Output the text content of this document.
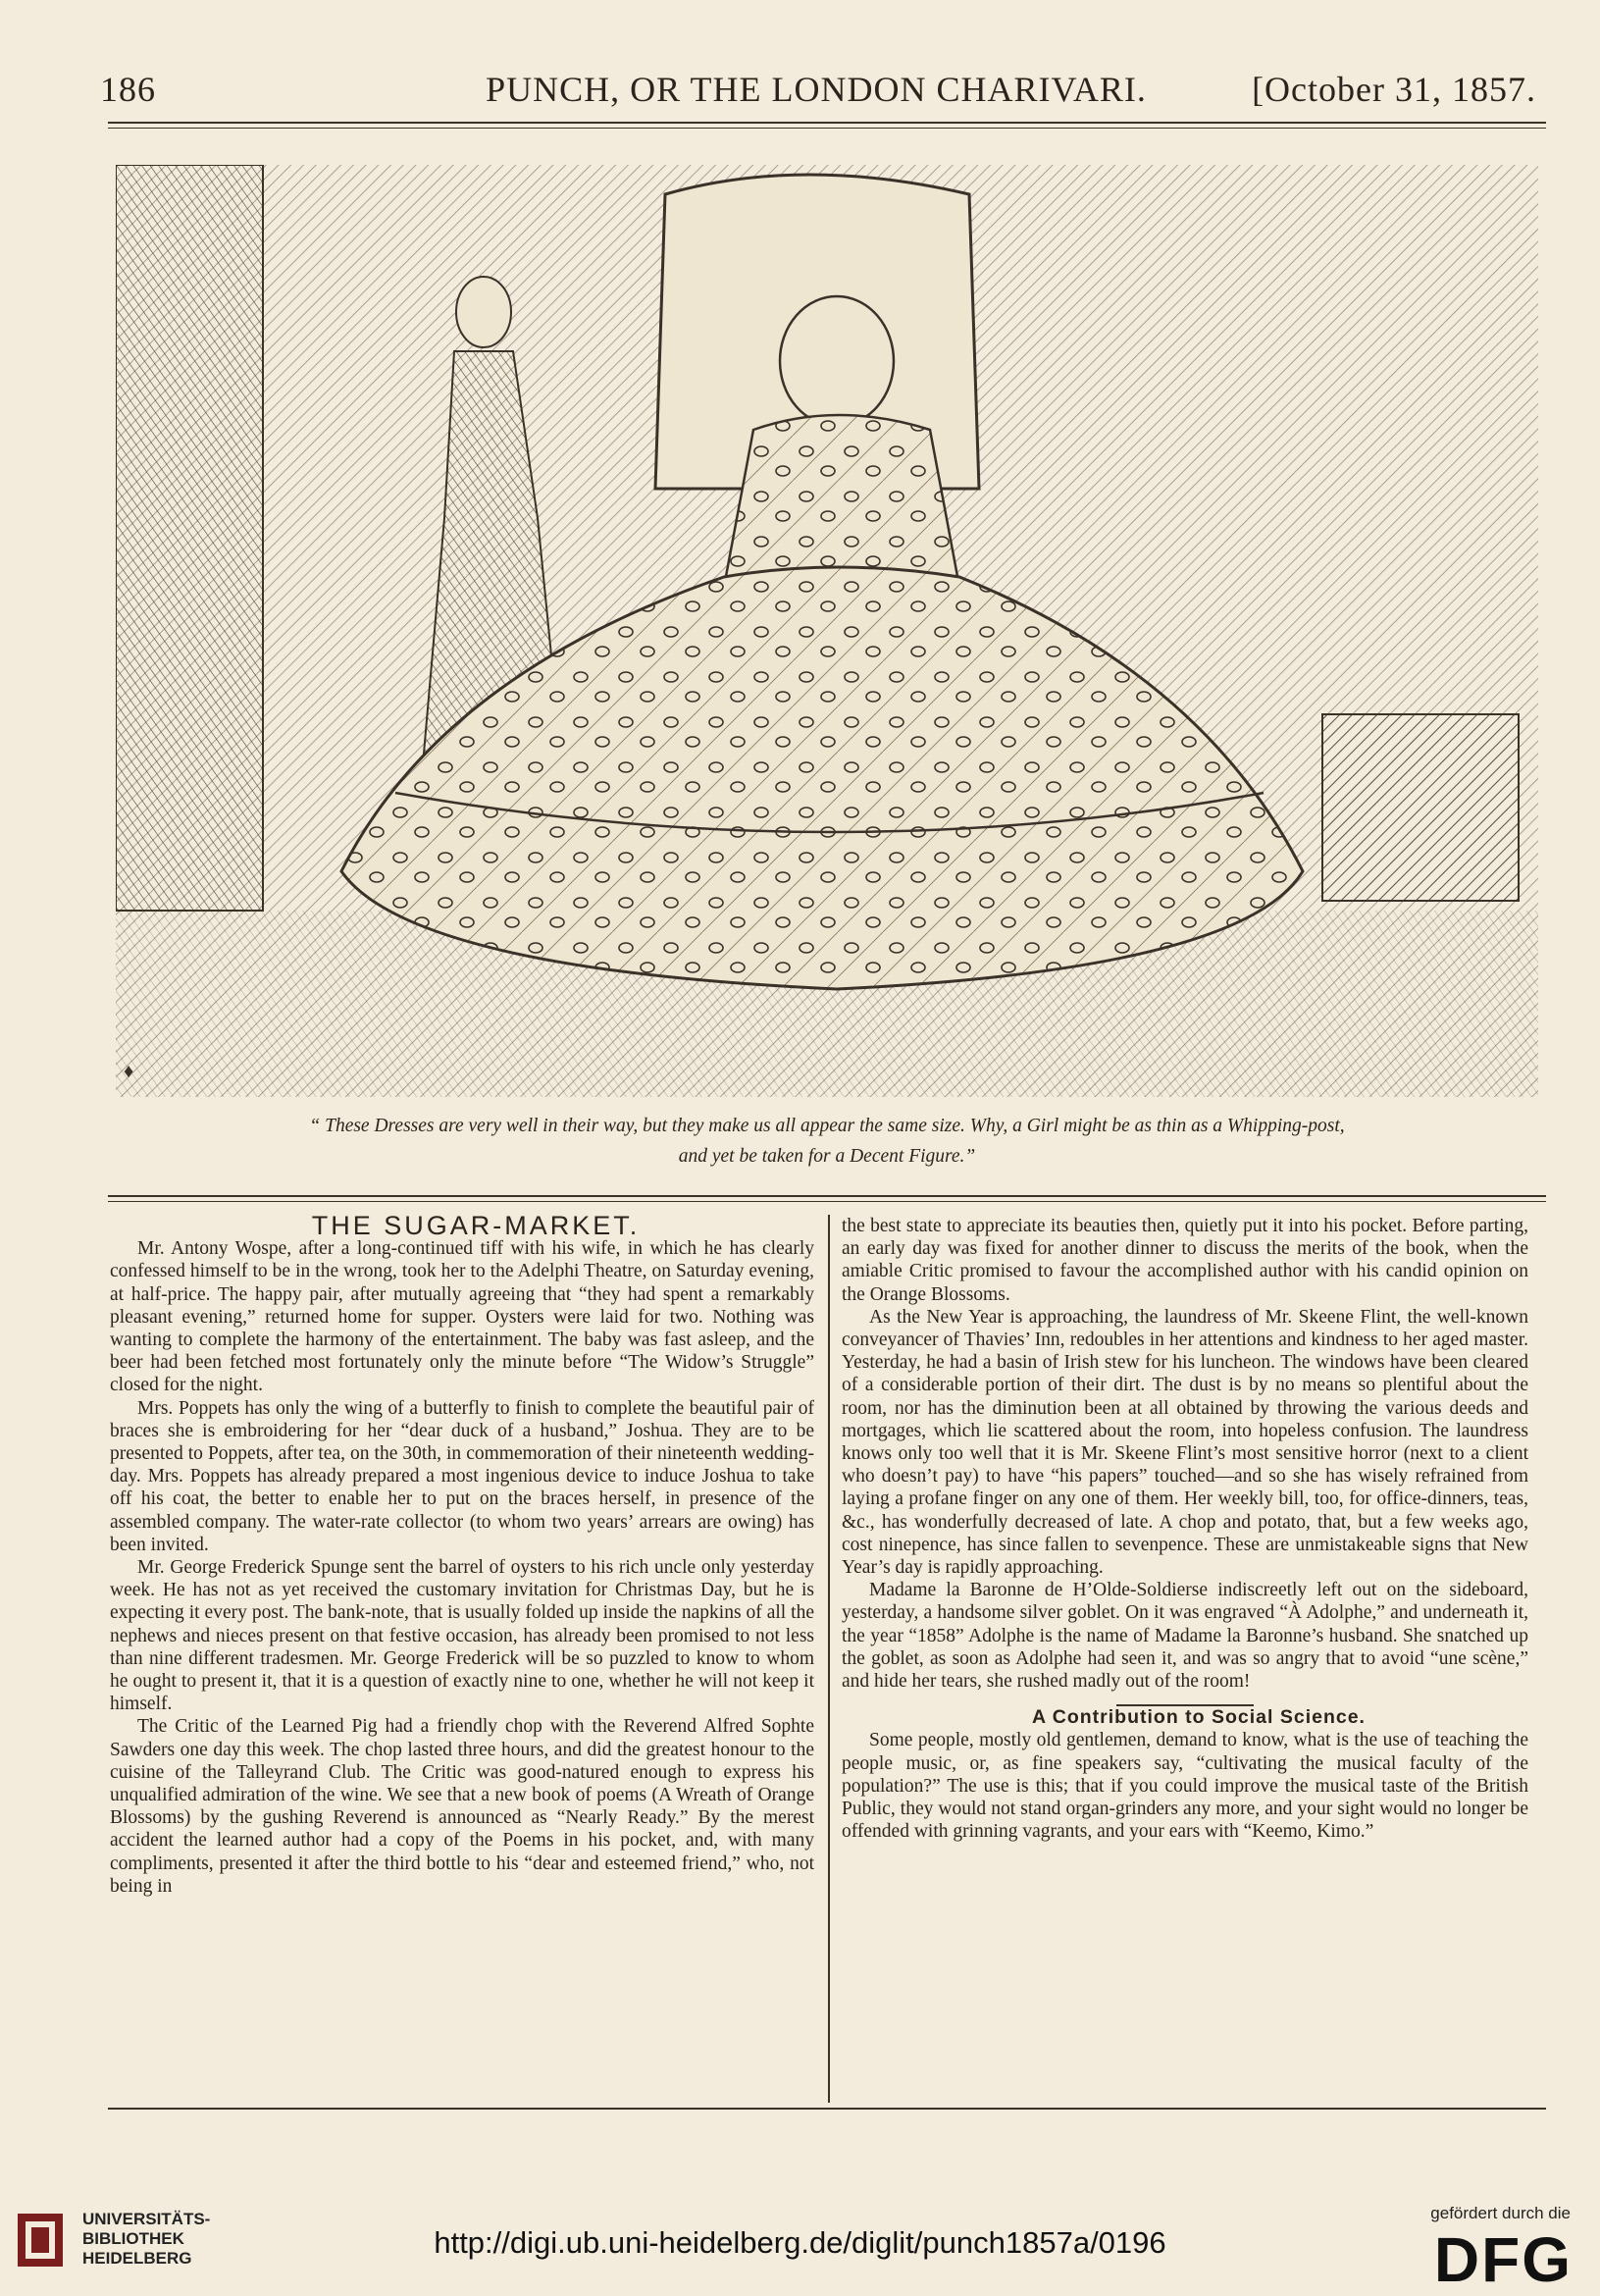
186	PUNCH, OR THE LONDON CHARIVARI.	[October 31, 1857.
♦
“ These Dresses are very well in their way, but they make us all appear the same size. Why, a Girl might be as thin as a Whipping-post,
and yet be taken for a Decent Figure.”

THE SUGAR-MARKET.

Mr. Antony Wospe, after a long-continued tiff with his wife, in which he has clearly confessed himself to be in the wrong, took her to the Adelphi Theatre, on Saturday evening, at half-price. The happy pair, after mutually agreeing that “they had spent a remarkably pleasant evening,” returned home for supper. Oysters were laid for two. Nothing was wanting to complete the harmony of the entertainment. The baby was fast asleep, and the beer had been fetched most fortunately only the minute before “The Widow’s Struggle” closed for the night.

Mrs. Poppets has only the wing of a butterfly to finish to complete the beautiful pair of braces she is embroidering for her “dear duck of a husband,” Joshua. They are to be presented to Poppets, after tea, on the 30th, in commemoration of their nineteenth wedding-day. Mrs. Poppets has already prepared a most ingenious device to induce Joshua to take off his coat, the better to enable her to put on the braces herself, in presence of the assembled company. The water-rate collector (to whom two years’ arrears are owing) has been invited.

Mr. George Frederick Spunge sent the barrel of oysters to his rich uncle only yesterday week. He has not as yet received the customary invitation for Christmas Day, but he is expecting it every post. The bank-note, that is usually folded up inside the napkins of all the nephews and nieces present on that festive occasion, has already been promised to not less than nine different tradesmen. Mr. George Frederick will be so puzzled to know to whom he ought to present it, that it is a question of exactly nine to one, whether he will not keep it himself.

The Critic of the Learned Pig had a friendly chop with the Reverend Alfred Sophte Sawders one day this week. The chop lasted three hours, and did the greatest honour to the cuisine of the Talleyrand Club. The Critic was good-natured enough to express his unqualified admiration of the wine. We see that a new book of poems (A Wreath of Orange Blossoms) by the gushing Reverend is announced as “Nearly Ready.” By the merest accident the learned author had a copy of the Poems in his pocket, and, with many compliments, presented it after the third bottle to his “dear and esteemed friend,” who, not being in

the best state to appreciate its beauties then, quietly put it into his pocket. Before parting, an early day was fixed for another dinner to discuss the merits of the book, when the amiable Critic promised to favour the accomplished author with his candid opinion on the Orange Blossoms.

As the New Year is approaching, the laundress of Mr. Skeene Flint, the well-known conveyancer of Thavies’ Inn, redoubles in her attentions and kindness to her aged master. Yesterday, he had a basin of Irish stew for his luncheon. The windows have been cleared of a considerable portion of their dirt. The dust is by no means so plentiful about the room, nor has the diminution been at all obtained by throwing the various deeds and mortgages, which lie scattered about the room, into hopeless confusion. The laundress knows only too well that it is Mr. Skeene Flint’s most sensitive horror (next to a client who doesn’t pay) to have “his papers” touched—and so she has wisely refrained from laying a profane finger on any one of them. Her weekly bill, too, for office-dinners, teas, &c., has wonderfully decreased of late. A chop and potato, that, but a few weeks ago, cost ninepence, has since fallen to sevenpence. These are unmistakeable signs that New Year’s day is rapidly approaching.

Madame la Baronne de H’Olde-Soldierse indiscreetly left out on the sideboard, yesterday, a handsome silver goblet. On it was engraved “À Adolphe,” and underneath it, the year “1858” Adolphe is the name of Madame la Baronne’s husband. She snatched up the goblet, as soon as Adolphe had seen it, and was so angry that to avoid “une scène,” and hide her tears, she rushed madly out of the room!

A Contribution to Social Science.

Some people, mostly old gentlemen, demand to know, what is the use of teaching the people music, or, as fine speakers say, “cultivating the musical faculty of the population?” The use is this; that if you could improve the musical taste of the British Public, they would not stand organ-grinders any more, and your sight would no longer be offended with grinning vagrants, and your ears with “Keemo, Kimo.”

UNIVERSITÄTS-
BIBLIOTHEK
HEIDELBERG	http://digi.ub.uni-heidelberg.de/diglit/punch1857a/0196
gefördert durch die
DFG
